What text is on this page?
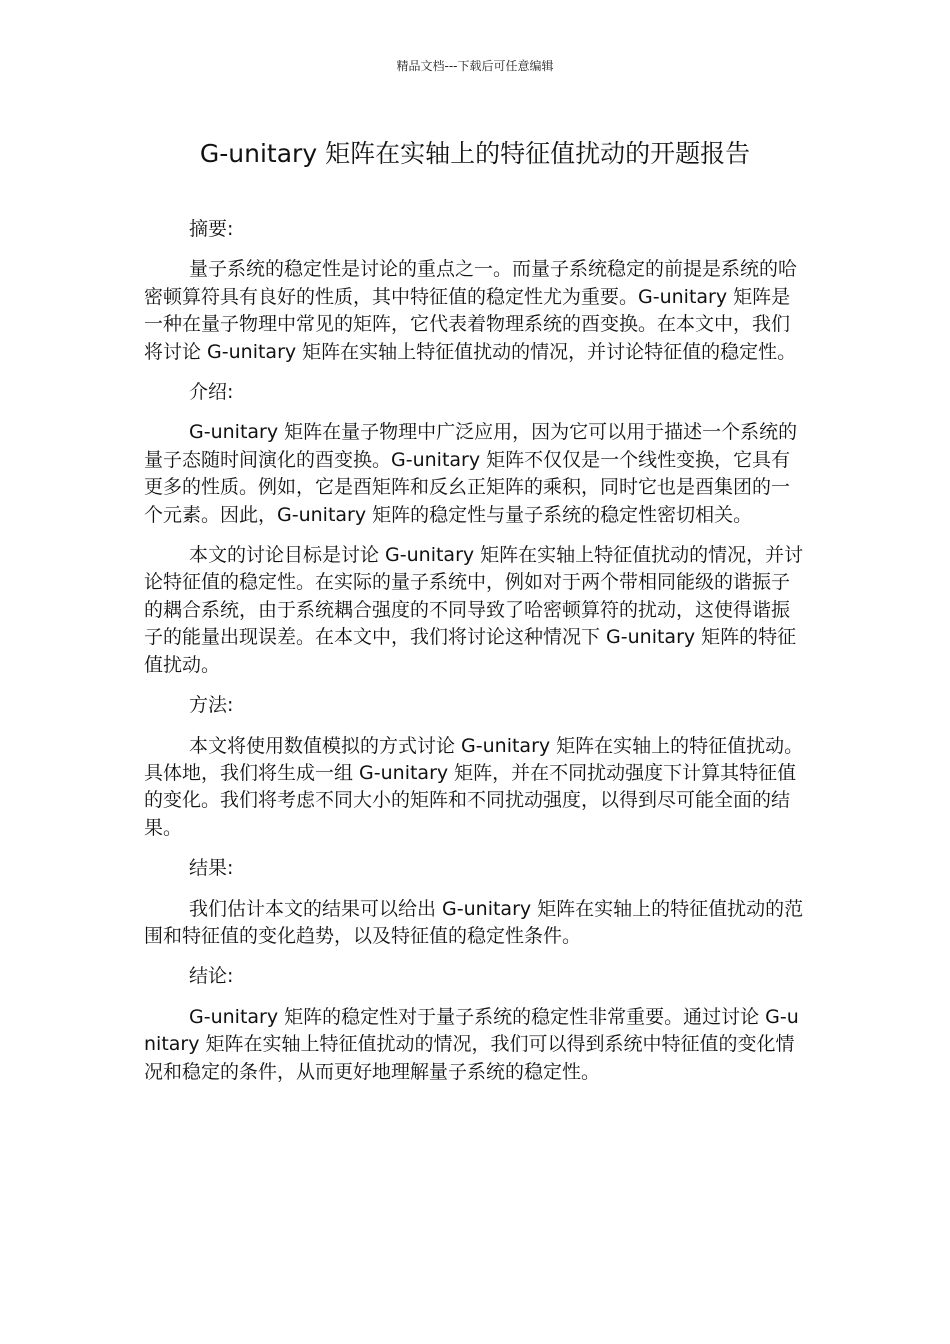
精品文档---下载后可任意编辑
G-unitary 矩阵在实轴上的特征值扰动的开题报告

摘要:

量子系统的稳定性是讨论的重点之一。而量子系统稳定的前提是系统的哈密顿算符具有良好的性质，其中特征值的稳定性尤为重要。G-unitary 矩阵是一种在量子物理中常见的矩阵，它代表着物理系统的酉变换。在本文中，我们将讨论 G-unitary 矩阵在实轴上特征值扰动的情况，并讨论特征值的稳定性。

介绍:

G-unitary 矩阵在量子物理中广泛应用，因为它可以用于描述一个系统的量子态随时间演化的酉变换。G-unitary 矩阵不仅仅是一个线性变换，它具有更多的性质。例如，它是酉矩阵和反幺正矩阵的乘积，同时它也是酉集团的一个元素。因此，G-unitary 矩阵的稳定性与量子系统的稳定性密切相关。

本文的讨论目标是讨论 G-unitary 矩阵在实轴上特征值扰动的情况，并讨论特征值的稳定性。在实际的量子系统中，例如对于两个带相同能级的谐振子的耦合系统，由于系统耦合强度的不同导致了哈密顿算符的扰动，这使得谐振子的能量出现误差。在本文中，我们将讨论这种情况下 G-unitary 矩阵的特征值扰动。

方法:

本文将使用数值模拟的方式讨论 G-unitary 矩阵在实轴上的特征值扰动。具体地，我们将生成一组 G-unitary 矩阵，并在不同扰动强度下计算其特征值的变化。我们将考虑不同大小的矩阵和不同扰动强度，以得到尽可能全面的结果。

结果:

我们估计本文的结果可以给出 G-unitary 矩阵在实轴上的特征值扰动的范围和特征值的变化趋势，以及特征值的稳定性条件。

结论:

G-unitary 矩阵的稳定性对于量子系统的稳定性非常重要。通过讨论 G-unitary 矩阵在实轴上特征值扰动的情况，我们可以得到系统中特征值的变化情况和稳定的条件，从而更好地理解量子系统的稳定性。
